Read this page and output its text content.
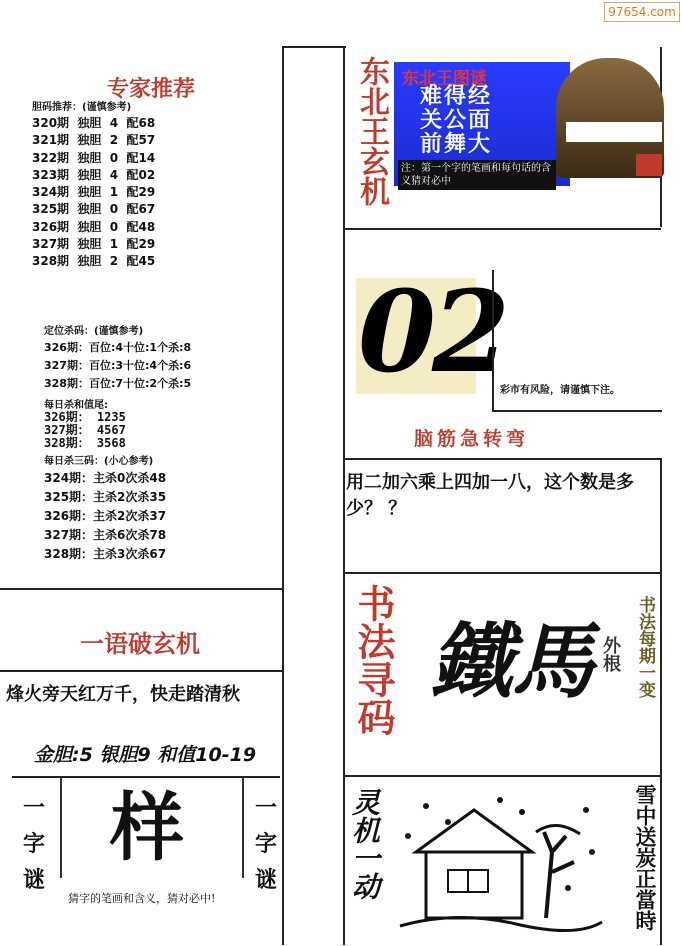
97654.com
专家推荐
胆码推荐：(谨慎参考)
320期  独胆  4  配68
321期  独胆  2  配57
322期  独胆  0  配14
323期  独胆  4  配02
324期  独胆  1  配29
325期  独胆  0  配67
326期  独胆  0  配48
327期  独胆  1  配29
328期  独胆  2  配45
定位杀码：(谨慎参考)
326期：百位:4十位:1个杀:8
327期：百位:3十位:4个杀:6
328期：百位:7十位:2个杀:5
每日杀和值尾:
326期： 1235
327期： 4567
328期： 3568
每日杀三码：(小心参考)
324期：主杀0次杀48
325期：主杀2次杀35
326期：主杀2次杀37
327期：主杀6次杀78
328期：主杀3次杀67
一语破玄机
烽火旁天红万千，快走踏清秋
金胆:5 银胆9 和值10-19
一字谜
一字谜
样
猜字的笔画和含义，猜对必中!
东北王玄机 东北王图谜
难得经
关公面
前舞大
注：第一个字的笔画和每句话的含义猜对必中
0
2
彩市有风险，请谨慎下注。
脑筋急转弯
用二加六乘上四加一八，这个数是多少？ ？
书法寻码 鐵馬 外根 书法每期一变
灵机一动	雪中送炭正當時
